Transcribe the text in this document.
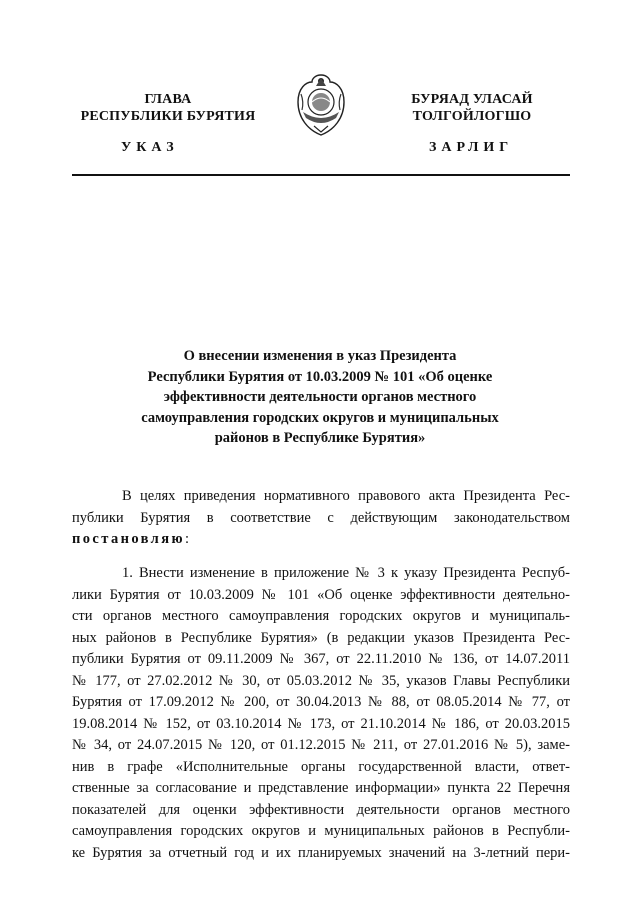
ГЛАВА
РЕСПУБЛИКИ БУРЯТИЯ
БУРЯАД УЛАСАЙ
ТОЛГОЙЛОГШО
УКАЗ	ЗАРЛИГ
О внесении изменения в указ Президента
Республики Бурятия от 10.03.2009 № 101 «Об оценке
эффективности деятельности органов местного
самоуправления городских округов и муниципальных
районов в Республике Бурятия»
В целях приведения нормативного правового акта Президента Рес-
публики Бурятия в соответствие с действующим законодательством
постановляю:
1. Внести изменение в приложение № 3 к указу Президента Респуб-
лики Бурятия от 10.03.2009 № 101 «Об оценке эффективности деятельно-
сти органов местного самоуправления городских округов и муниципаль-
ных районов в Республике Бурятия» (в редакции указов Президента Рес-
публики Бурятия от 09.11.2009 № 367, от 22.11.2010 № 136, от 14.07.2011
№ 177, от 27.02.2012 № 30, от 05.03.2012 № 35, указов Главы Республики
Бурятия от 17.09.2012 № 200, от 30.04.2013 № 88, от 08.05.2014 № 77, от
19.08.2014 № 152, от 03.10.2014 № 173, от 21.10.2014 № 186, от 20.03.2015
№ 34, от 24.07.2015 № 120, от 01.12.2015 № 211, от 27.01.2016 № 5), заме-
нив в графе «Исполнительные органы государственной власти, ответ-
ственные за согласование и представление информации» пункта 22 Перечня
показателей для оценки эффективности деятельности органов местного
самоуправления городских округов и муниципальных районов в Республи-
ке Бурятия за отчетный год и их планируемых значений на 3-летний пери-
